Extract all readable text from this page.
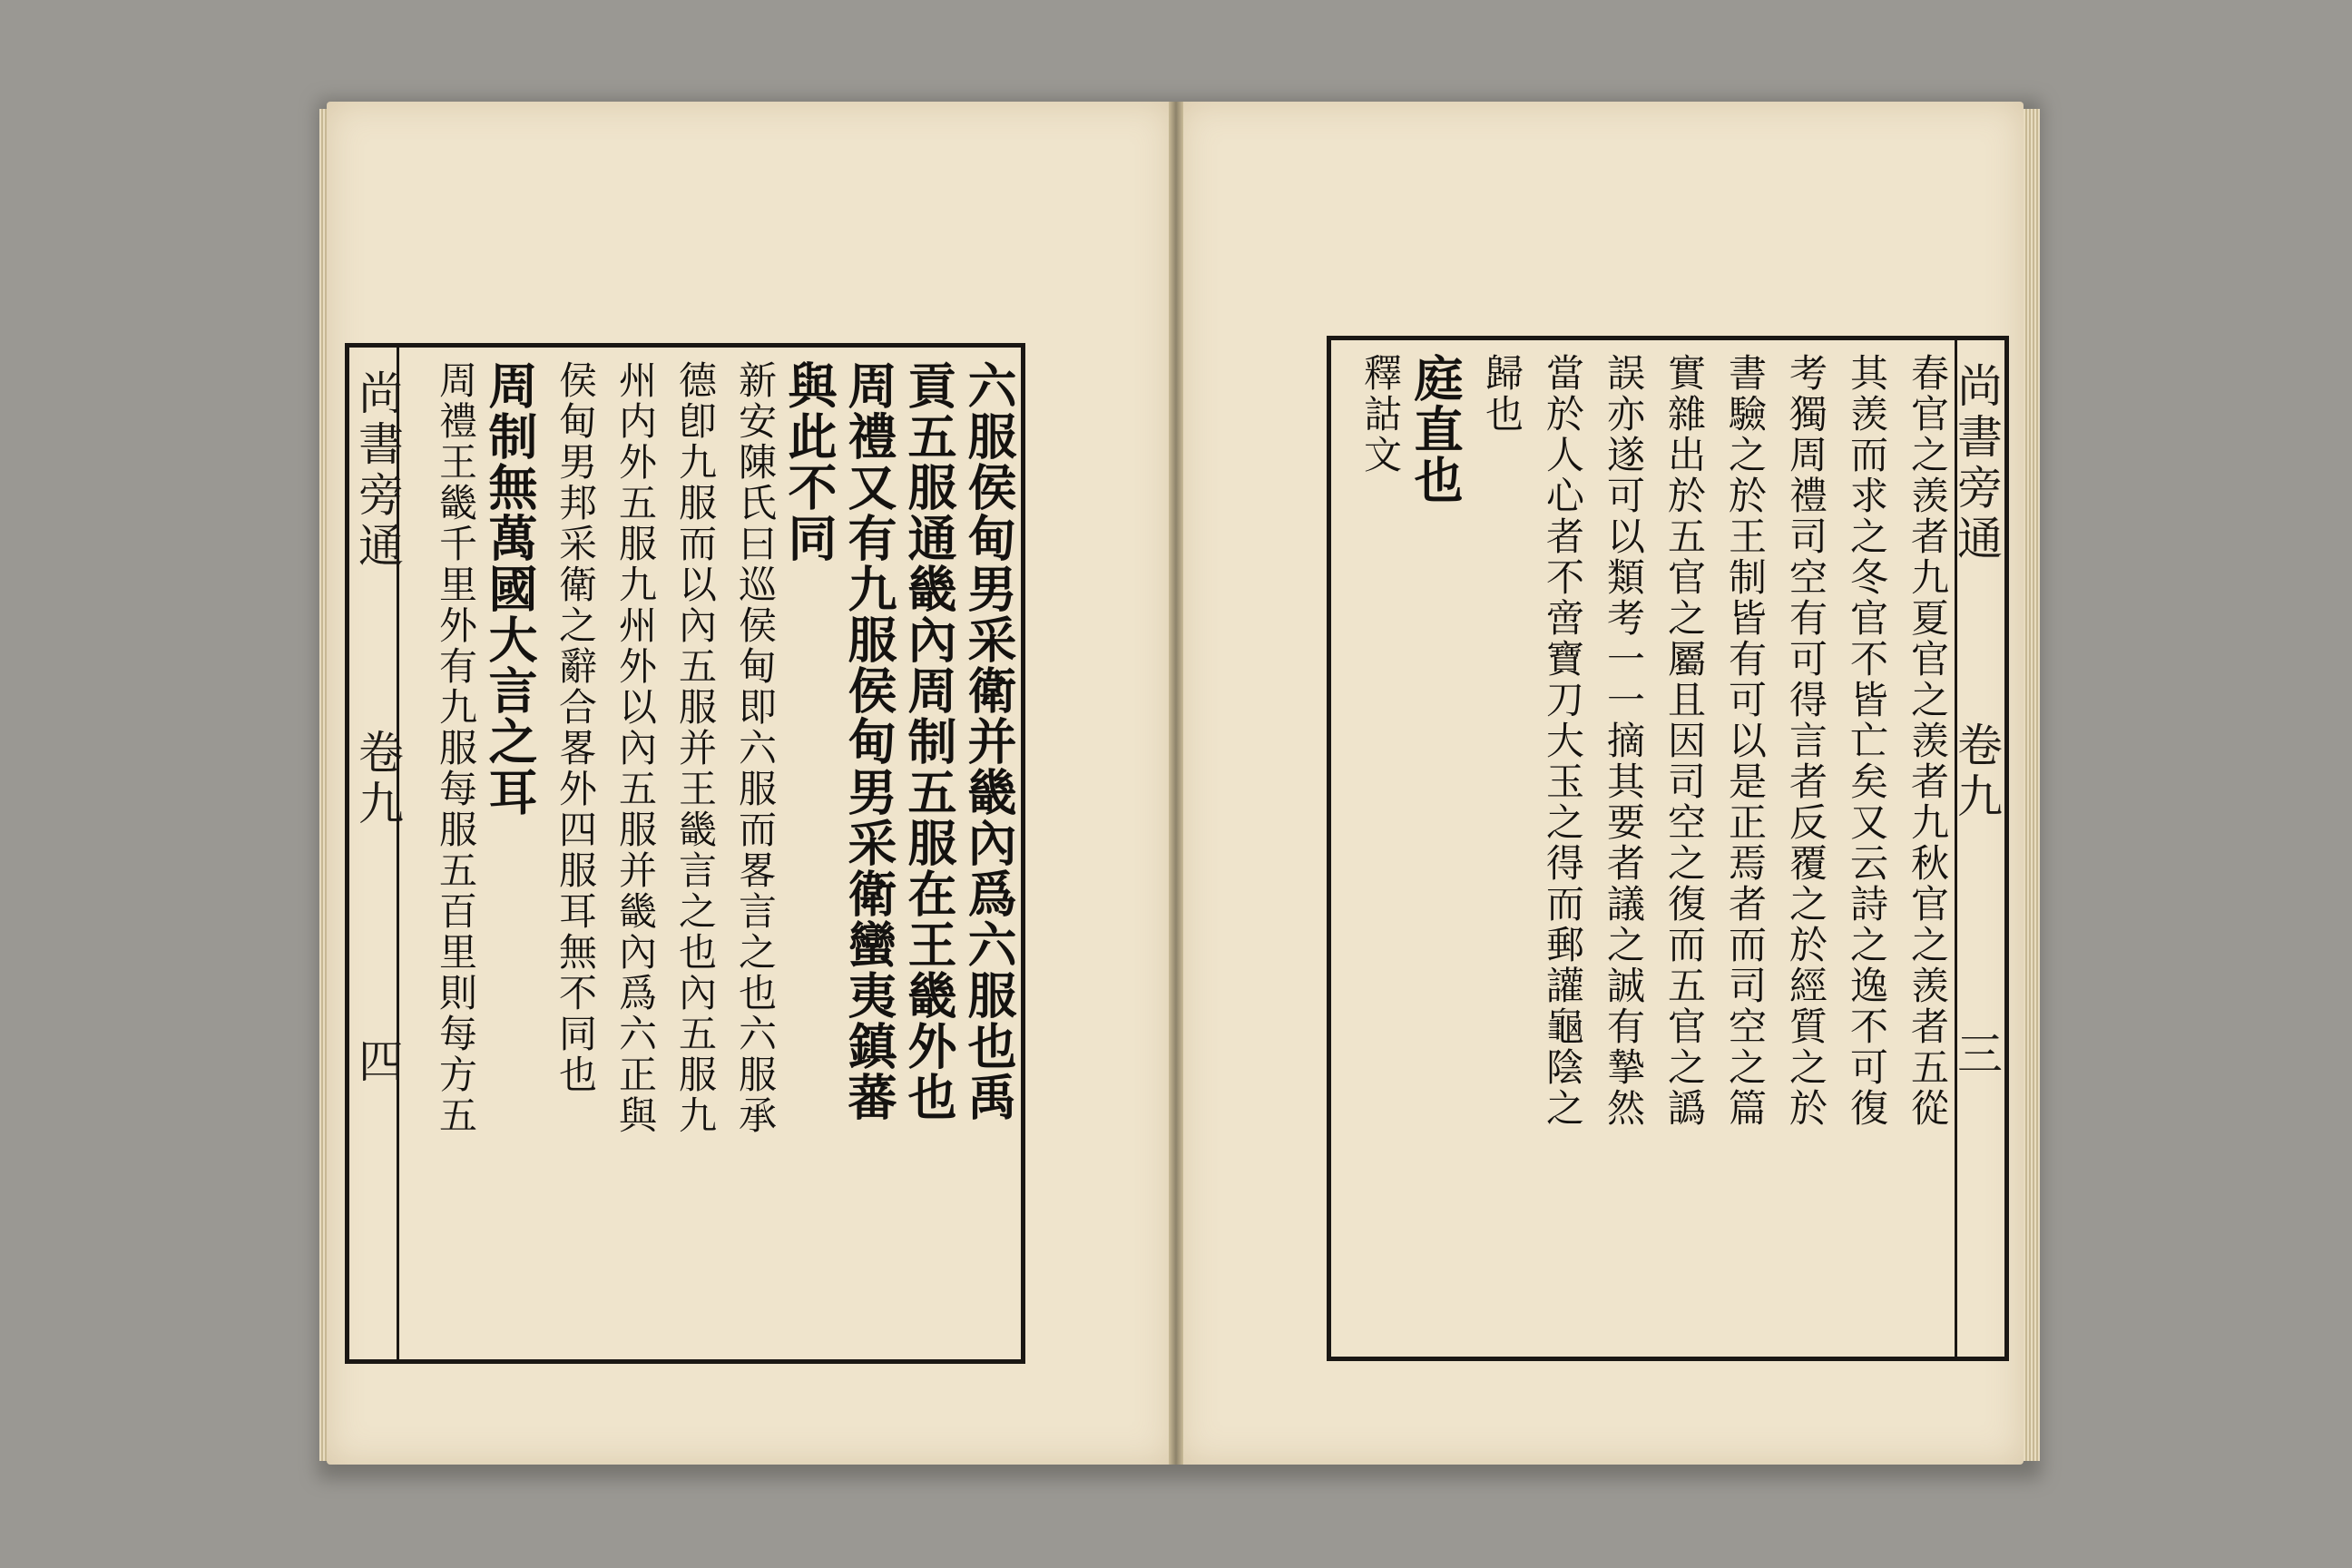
尚書旁通
卷九
四	六服侯甸男采衛并畿內爲六服也禹
貢五服通畿內周制五服在王畿外也
周禮又有九服侯甸男采衛蠻夷鎮蕃
與此不同
新安陳氏曰巡侯甸即六服而畧言之也六服承
德卽九服而以內五服并王畿言之也內五服九
州内外五服九州外以內五服并畿內爲六正與
侯甸男邦采衛之辭合畧外四服耳無不同也
周制無萬國大言之耳
周禮王畿千里外有九服每服五百里則每方五	尚書旁通
卷九
三
春官之羡者九夏官之羡者九秋官之羡者五從
其羡而求之冬官不皆亡矣又云詩之逸不可復
考獨周禮司空有可得言者反覆之於經質之於
書驗之於王制皆有可以是正焉者而司空之篇
實雜出於五官之屬且因司空之復而五官之譌
誤亦遂可以類考一一摘其要者議之誠有摯然
當於人心者不啻寶刀大玉之得而郵讙龜陰之
歸也
庭直也
釋詁文
